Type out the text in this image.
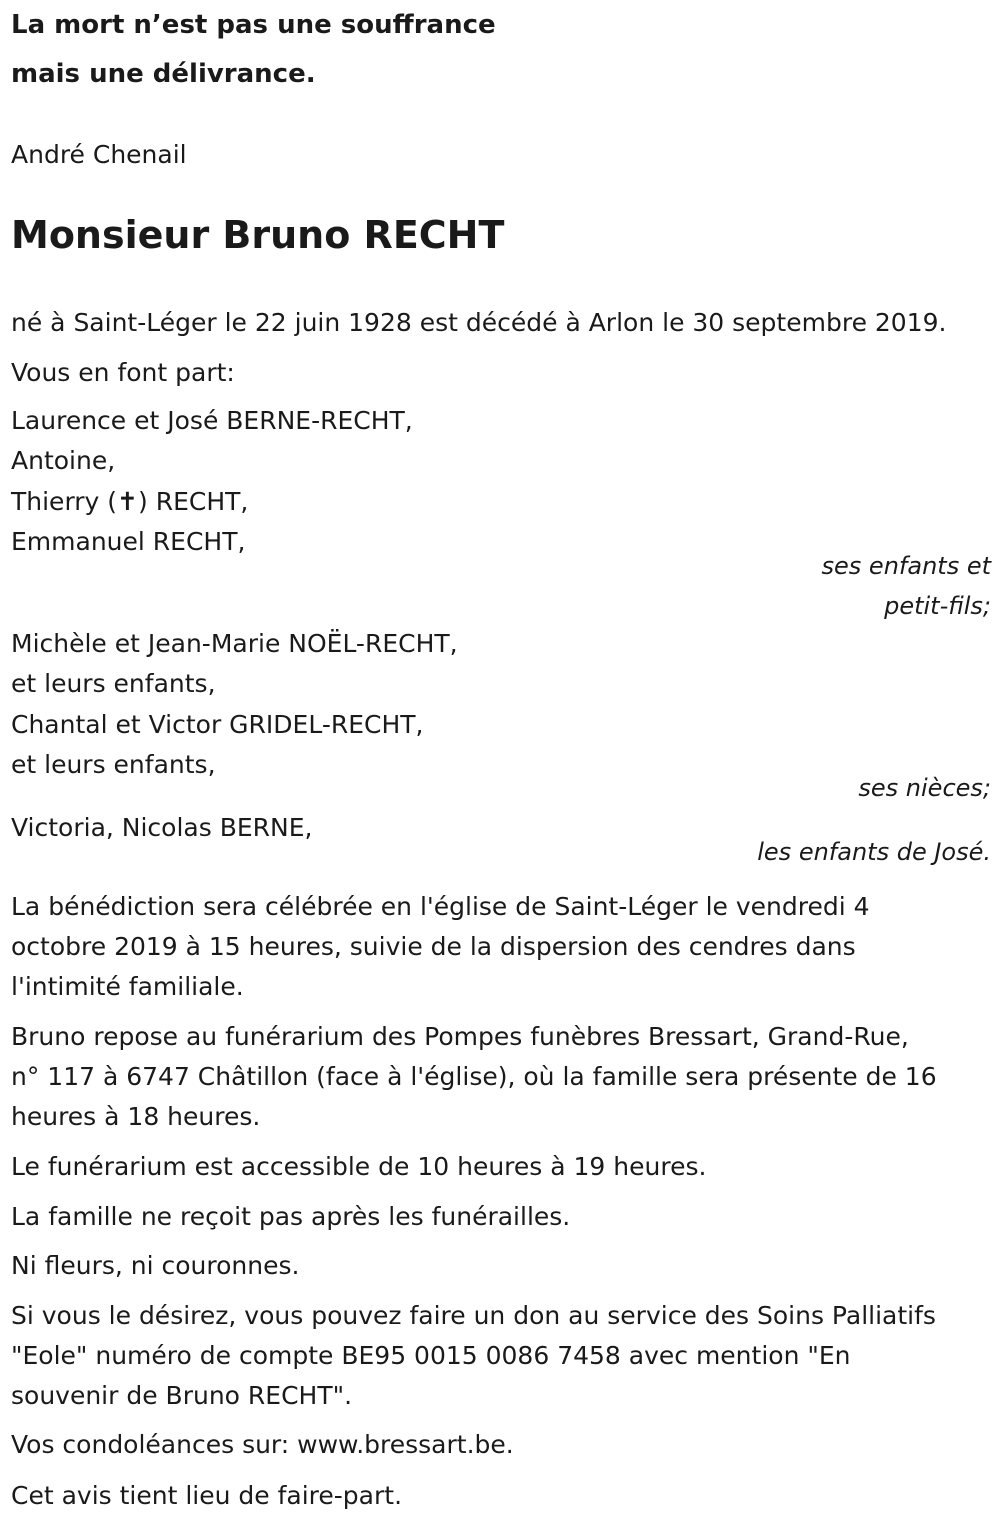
La mort n’est pas une souffrance
mais une délivrance.
André Chenail
Monsieur Bruno RECHT
né à Saint-Léger le 22 juin 1928 est décédé à Arlon le 30 septembre 2019.
Vous en font part:
Laurence et José BERNE-RECHT,
Antoine,
Thierry (✝) RECHT,
Emmanuel RECHT,
ses enfants et
petit-fils;
Michèle et Jean-Marie NOËL-RECHT,
et leurs enfants,
Chantal et Victor GRIDEL-RECHT,
et leurs enfants,
ses nièces;
Victoria, Nicolas BERNE,
les enfants de José.
La bénédiction sera célébrée en l'église de Saint-Léger le vendredi 4
octobre 2019 à 15 heures, suivie de la dispersion des cendres dans
l'intimité familiale.
Bruno repose au funérarium des Pompes funèbres Bressart, Grand-Rue,
n° 117 à 6747 Châtillon (face à l'église), où la famille sera présente de 16
heures à 18 heures.
Le funérarium est accessible de 10 heures à 19 heures.
La famille ne reçoit pas après les funérailles.
Ni fleurs, ni couronnes.
Si vous le désirez, vous pouvez faire un don au service des Soins Palliatifs
"Eole" numéro de compte BE95 0015 0086 7458 avec mention "En
souvenir de Bruno RECHT".
Vos condoléances sur: www.bressart.be.
Cet avis tient lieu de faire-part.
